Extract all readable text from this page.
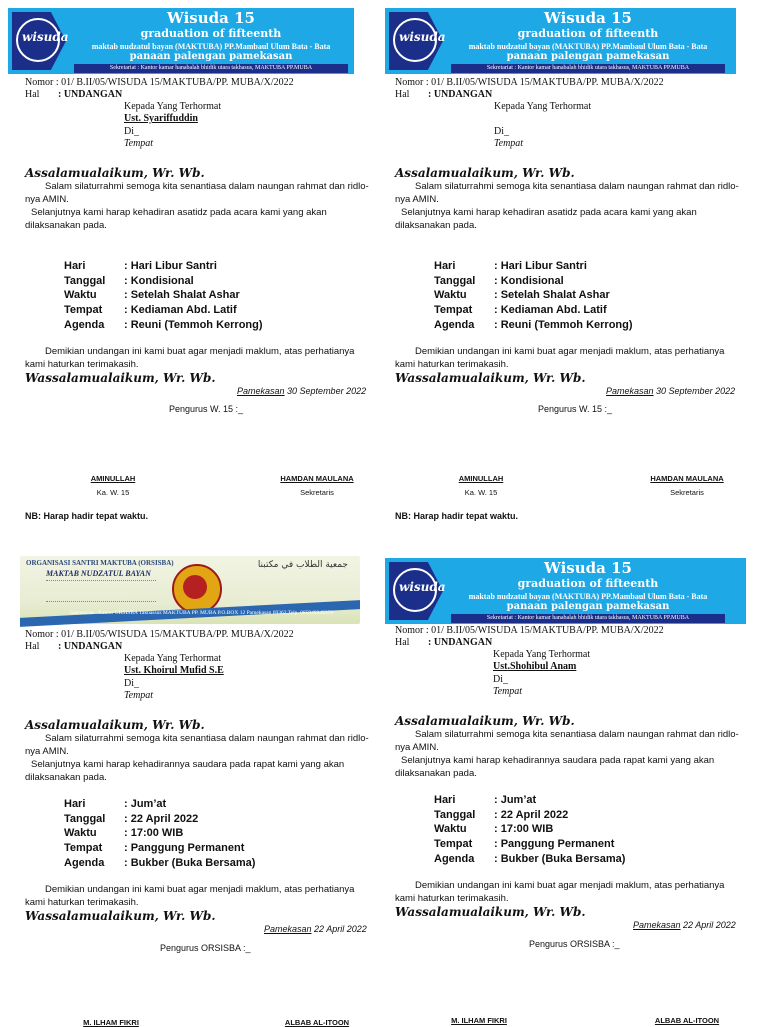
wisuda
Wisuda 15
graduation of fifteenth
maktab nudzatul bayan (MAKTUBA) PP.Mambaul Ulum Bata - Bata
panaan palengan pamekasan
Sekretariat : Kantor kamar hanabalah bhidik utara takhasus, MAKTUBA PP.MUBA
Nomor : 01/ B.II/05/WISUDA 15/MAKTUBA/PP. MUBA/X/2022
Hal : UNDANGAN
Kepada Yang Terhormat
Ust. Syariffuddin
Di_
Tempat
Assalamualaikum, Wr. Wb.
Salam silaturrahmi semoga kita senantiasa dalam naungan rahmat dan ridlo-nya AMIN.
Selanjutnya kami harap kehadiran asatidz pada acara kami yang akan dilaksanakan pada.
Hari	: Hari Libur Santri
Tanggal	: Kondisional
Waktu	: Setelah Shalat Ashar
Tempat	: Kediaman Abd. Latif
Agenda	: Reuni (Temmoh Kerrong)
Demikian undangan ini kami buat agar menjadi maklum, atas perhatianya kami haturkan terimakasih.
Wassalamualaikum, Wr. Wb.
Pamekasan 30 September 2022
Pengurus W. 15 :_
AMINULLAH
Ka. W. 15
HAMDAN MAULANA
Sekretaris
NB: Harap hadir tepat waktu.
wisuda
Wisuda 15
graduation of fifteenth
maktab nudzatul bayan (MAKTUBA) PP.Mambaul Ulum Bata - Bata
panaan palengan pamekasan
Sekretariat : Kantor kamar hanabalah bhidik utara takhasus, MAKTUBA PP.MUBA
Nomor : 01/ B.II/05/WISUDA 15/MAKTUBA/PP. MUBA/X/2022
Hal : UNDANGAN
Kepada Yang Terhormat
Di_
Tempat
Assalamualaikum, Wr. Wb.
Salam silaturrahmi semoga kita senantiasa dalam naungan rahmat dan ridlo-nya AMIN.
Selanjutnya kami harap kehadiran asatidz pada acara kami yang akan dilaksanakan pada.
Hari	: Hari Libur Santri
Tanggal	: Kondisional
Waktu	: Setelah Shalat Ashar
Tempat	: Kediaman Abd. Latif
Agenda	: Reuni (Temmoh Kerrong)
Demikian undangan ini kami buat agar menjadi maklum, atas perhatianya kami haturkan terimakasih.
Wassalamualaikum, Wr. Wb.
Pamekasan 30 September 2022
Pengurus W. 15 :_
AMINULLAH
Ka. W. 15
HAMDAN MAULANA
Sekretaris
NB: Harap hadir tepat waktu.
ORGANISASI SANTRI MAKTUBA (ORSISBA)
MAKTAB NUDZATUL BAYAN
جمعية الطلاب في مكتبنا
Sekretariat : Kantor ORSISBA Takhassus MAKTUBA PP. MUBA P.O.BOX 12 Pamekasan 69362 Telp. 085948345379
Nomor : 01/ B.II/05/WISUDA 15/MAKTUBA/PP. MUBA/X/2022
Hal : UNDANGAN
Kepada Yang Terhormat
Ust. Khoirul Mufid S.E
Di_
Tempat
Assalamualaikum, Wr. Wb.
Salam silaturrahmi semoga kita senantiasa dalam naungan rahmat dan ridlo-nya AMIN.
Selanjutnya kami harap kehadirannya saudara pada rapat kami yang akan dilaksanakan pada.
Hari	: Jum’at
Tanggal	: 22 April 2022
Waktu	: 17:00 WIB
Tempat	: Panggung Permanent
Agenda	: Bukber (Buka Bersama)
Demikian undangan ini kami buat agar menjadi maklum, atas perhatianya kami haturkan terimakasih.
Wassalamualaikum, Wr. Wb.
Pamekasan 22 April 2022
Pengurus ORSISBA :_
M. ILHAM FIKRI	ALBAB AL-ITOON
wisuda
Wisuda 15
graduation of fifteenth
maktab nudzatul bayan (MAKTUBA) PP.Mambaul Ulum Bata - Bata
panaan palengan pamekasan
Sekretariat : Kantor kamar hanabalah bhidik utara takhasus, MAKTUBA PP.MUBA
Nomor : 01/ B.II/05/WISUDA 15/MAKTUBA/PP. MUBA/X/2022
Hal : UNDANGAN
Kepada Yang Terhormat
Ust.Shohibul Anam
Di_
Tempat
Assalamualaikum, Wr. Wb.
Salam silaturrahmi semoga kita senantiasa dalam naungan rahmat dan ridlo-nya AMIN.
Selanjutnya kami harap kehadirannya saudara pada rapat kami yang akan dilaksanakan pada.
Hari	: Jum’at
Tanggal	: 22 April 2022
Waktu	: 17:00 WIB
Tempat	: Panggung Permanent
Agenda	: Bukber (Buka Bersama)
Demikian undangan ini kami buat agar menjadi maklum, atas perhatianya kami haturkan terimakasih.
Wassalamualaikum, Wr. Wb.
Pamekasan 22 April 2022
Pengurus ORSISBA :_
M. ILHAM FIKRI	ALBAB AL-ITOON
